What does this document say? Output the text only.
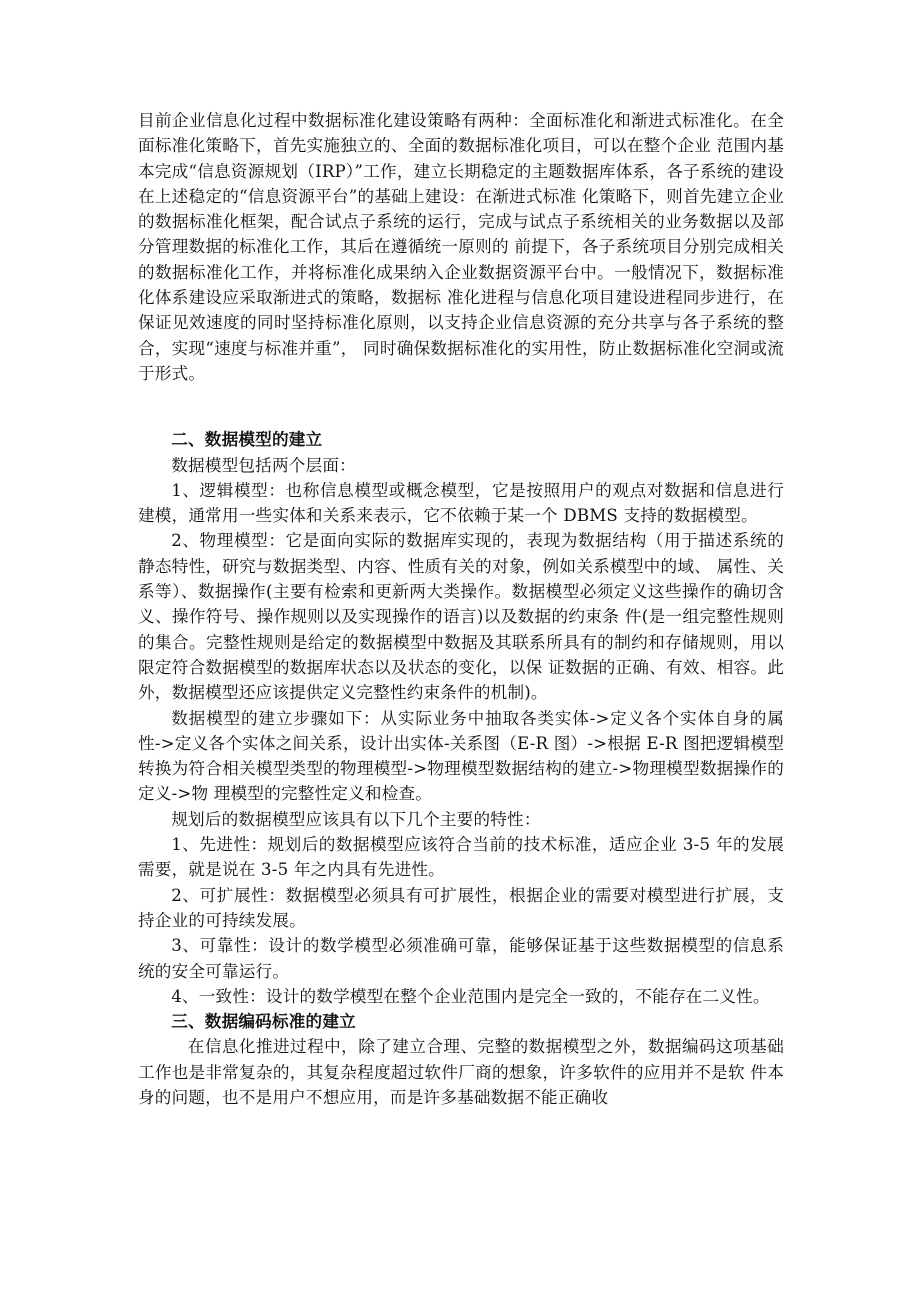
目前企业信息化过程中数据标准化建设策略有两种：全面标准化和渐进式标准化。在全面标准化策略下，首先实施独立的、全面的数据标准化项目，可以在整个企业 范围内基本完成“信息资源规划（IRP）”工作，建立长期稳定的主题数据库体系，各子系统的建设在上述稳定的“信息资源平台”的基础上建设：在渐进式标准 化策略下，则首先建立企业的数据标准化框架，配合试点子系统的运行，完成与试点子系统相关的业务数据以及部分管理数据的标准化工作，其后在遵循统一原则的 前提下，各子系统项目分别完成相关的数据标准化工作，并将标准化成果纳入企业数据资源平台中。一般情况下，数据标准化体系建设应采取渐进式的策略，数据标 准化进程与信息化项目建设进程同步进行，在保证见效速度的同时坚持标准化原则，以支持企业信息资源的充分共享与各子系统的整合，实现“速度与标准并重”， 同时确保数据标准化的实用性，防止数据标准化空洞或流于形式。

二、数据模型的建立

数据模型包括两个层面：

1、逻辑模型：也称信息模型或概念模型，它是按照用户的观点对数据和信息进行建模，通常用一些实体和关系来表示，它不依赖于某一个 DBMS 支持的数据模型。

2、物理模型：它是面向实际的数据库实现的，表现为数据结构（用于描述系统的静态特性，研究与数据类型、内容、性质有关的对象，例如关系模型中的域、 属性、关系等）、数据操作(主要有检索和更新两大类操作。数据模型必须定义这些操作的确切含义、操作符号、操作规则以及实现操作的语言)以及数据的约束条 件(是一组完整性规则的集合。完整性规则是给定的数据模型中数据及其联系所具有的制约和存储规则，用以限定符合数据模型的数据库状态以及状态的变化，以保 证数据的正确、有效、相容。此外，数据模型还应该提供定义完整性约束条件的机制)。

数据模型的建立步骤如下：从实际业务中抽取各类实体->定义各个实体自身的属性->定义各个实体之间关系，设计出实体-关系图（E-R 图）->根据 E-R 图把逻辑模型转换为符合相关模型类型的物理模型->物理模型数据结构的建立->物理模型数据操作的定义->物 理模型的完整性定义和检查。

规划后的数据模型应该具有以下几个主要的特性：

1、先进性：规划后的数据模型应该符合当前的技术标准，适应企业 3-5 年的发展需要，就是说在 3-5 年之内具有先进性。

2、可扩展性：数据模型必须具有可扩展性，根据企业的需要对模型进行扩展，支持企业的可持续发展。

3、可靠性：设计的数学模型必须准确可靠，能够保证基于这些数据模型的信息系统的安全可靠运行。

4、一致性：设计的数学模型在整个企业范围内是完全一致的，不能存在二义性。

三、数据编码标准的建立

在信息化推进过程中，除了建立合理、完整的数据模型之外，数据编码这项基础工作也是非常复杂的，其复杂程度超过软件厂商的想象，许多软件的应用并不是软 件本身的问题，也不是用户不想应用，而是许多基础数据不能正确收
